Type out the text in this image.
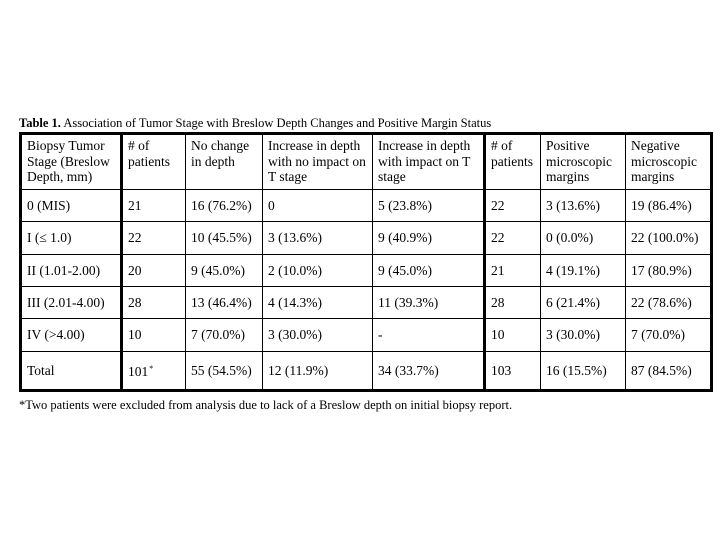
Table 1. Association of Tumor Stage with Breslow Depth Changes and Positive Margin Status
Biopsy Tumor Stage (Breslow Depth, mm)	# of patients	No change in depth	Increase in depth with no impact on T stage	Increase in depth with impact on T stage	# of patients	Positive microscopic margins	Negative microscopic margins
0 (MIS)	21	16 (76.2%)	0	5 (23.8%)	22	3 (13.6%)	19 (86.4%)
I (≤ 1.0)	22	10 (45.5%)	3 (13.6%)	9 (40.9%)	22	0 (0.0%)	22 (100.0%)
II (1.01-2.00)	20	9 (45.0%)	2 (10.0%)	9 (45.0%)	21	4 (19.1%)	17 (80.9%)
III (2.01-4.00)	28	13 (46.4%)	4 (14.3%)	11 (39.3%)	28	6 (21.4%)	22 (78.6%)
IV (>4.00)	10	7 (70.0%)	3 (30.0%)	-	10	3 (30.0%)	7 (70.0%)
Total	101*	55 (54.5%)	12 (11.9%)	34 (33.7%)	103	16 (15.5%)	87 (84.5%)
*Two patients were excluded from analysis due to lack of a Breslow depth on initial biopsy report.
